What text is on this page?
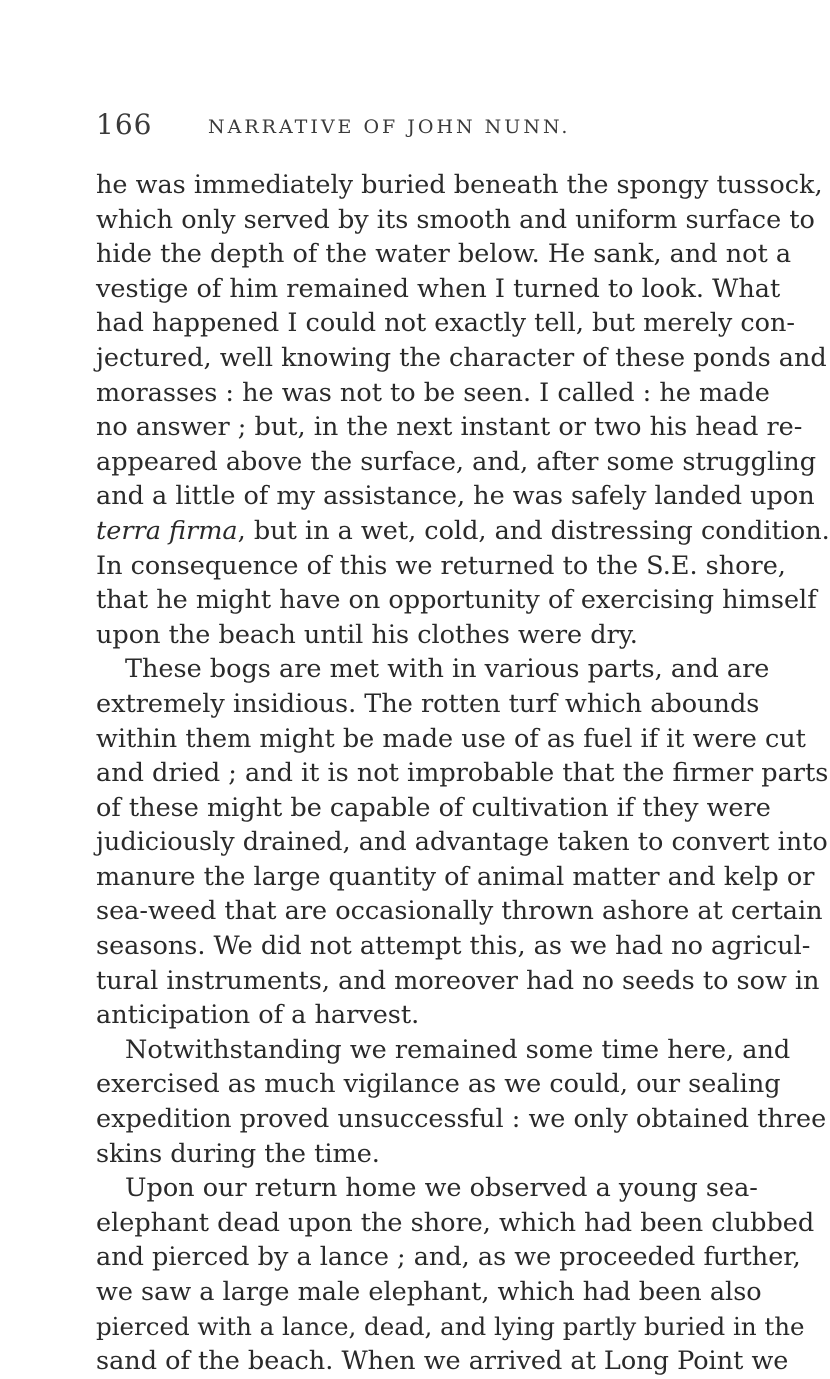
166	NARRATIVE OF JOHN NUNN.
he was immediately buried beneath the spongy tussock,
which only served by its smooth and uniform surface to
hide the depth of the water below. He sank, and not a
vestige of him remained when I turned to look. What
had happened I could not exactly tell, but merely con-
jectured, well knowing the character of these ponds and
morasses : he was not to be seen. I called : he made
no answer ; but, in the next instant or two his head re-
appeared above the surface, and, after some struggling
and a little of my assistance, he was safely landed upon
terra firma, but in a wet, cold, and distressing condition.
In consequence of this we returned to the S.E. shore,
that he might have on opportunity of exercising himself
upon the beach until his clothes were dry.
These bogs are met with in various parts, and are
extremely insidious. The rotten turf which abounds
within them might be made use of as fuel if it were cut
and dried ; and it is not improbable that the firmer parts
of these might be capable of cultivation if they were
judiciously drained, and advantage taken to convert into
manure the large quantity of animal matter and kelp or
sea-weed that are occasionally thrown ashore at certain
seasons. We did not attempt this, as we had no agricul-
tural instruments, and moreover had no seeds to sow in
anticipation of a harvest.
Notwithstanding we remained some time here, and
exercised as much vigilance as we could, our sealing
expedition proved unsuccessful : we only obtained three
skins during the time.
Upon our return home we observed a young sea-
elephant dead upon the shore, which had been clubbed
and pierced by a lance ; and, as we proceeded further,
we saw a large male elephant, which had been also
pierced with a lance, dead, and lying partly buried in the
sand of the beach. When we arrived at Long Point we
